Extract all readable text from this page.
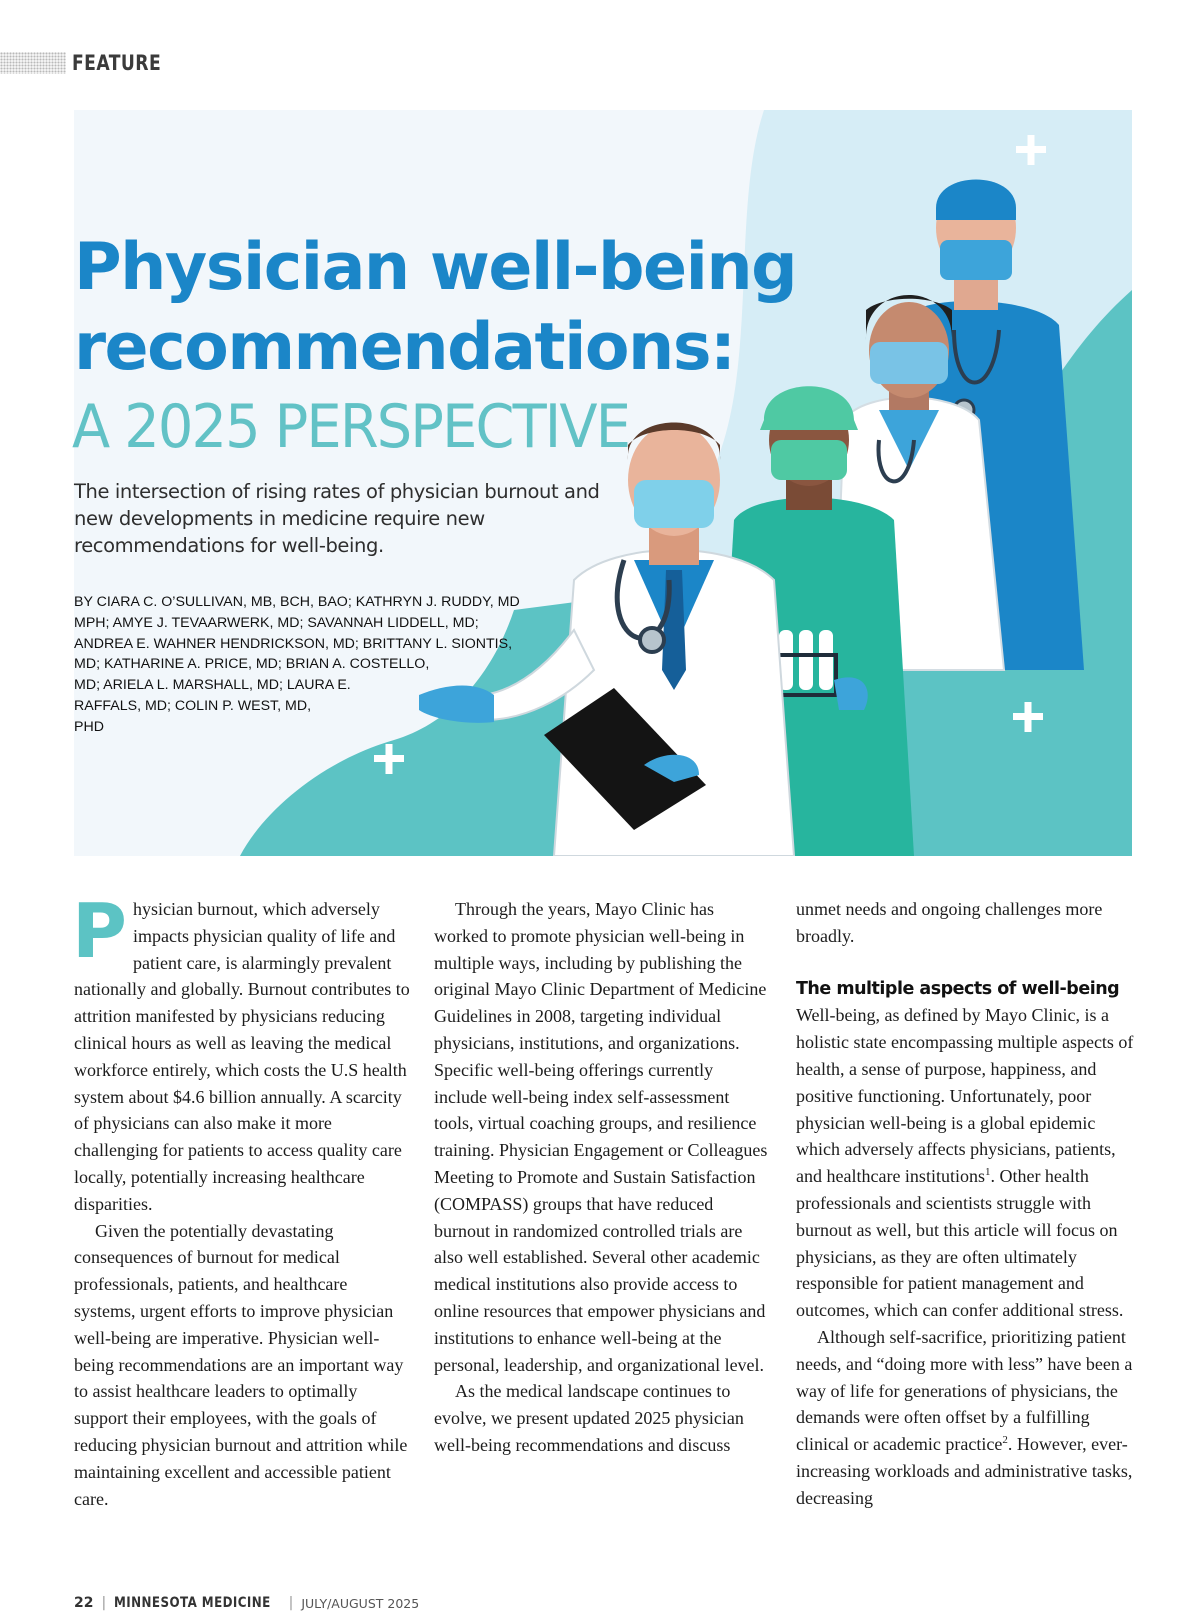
FEATURE
Physician well-being
recommendations:
A 2025 PERSPECTIVE

The intersection of rising rates of physician burnout and new developments in medicine require new recommendations for well-being.

BY CIARA C. O’SULLIVAN, MB, BCH, BAO; KATHRYN J. RUDDY, MD
MPH; AMYE J. TEVAARWERK, MD; SAVANNAH LIDDELL, MD;
ANDREA E. WAHNER HENDRICKSON, MD; BRITTANY L. SIONTIS,
MD; KATHARINE A. PRICE, MD; BRIAN A. COSTELLO,
MD; ARIELA L. MARSHALL, MD; LAURA E.
RAFFALS, MD; COLIN P. WEST, MD,
PHD

Physician burnout, which adversely impacts physician quality of life and patient care, is alarmingly prevalent nationally and globally. Burnout contributes to attrition manifested by physicians reducing clinical hours as well as leaving the medical workforce entirely, which costs the U.S health system about $4.6 billion annually. A scarcity of physicians can also make it more challenging for patients to access quality care locally, potentially increasing healthcare disparities.

Given the potentially devastating consequences of burnout for medical professionals, patients, and healthcare systems, urgent efforts to improve physician well-being are imperative. Physician well-being recommendations are an important way to assist healthcare leaders to optimally support their employees, with the goals of reducing physician burnout and attrition while maintaining excellent and accessible patient care.

Through the years, Mayo Clinic has worked to promote physician well-being in multiple ways, including by publishing the original Mayo Clinic Department of Medicine Guidelines in 2008, targeting individual physicians, institutions, and organizations. Specific well-being offerings currently include well-being index self-assessment tools, virtual coaching groups, and resilience training. Physician Engagement or Colleagues Meeting to Promote and Sustain Satisfaction (COMPASS) groups that have reduced burnout in randomized controlled trials are also well established. Several other academic medical institutions also provide access to online resources that empower physicians and institutions to enhance well-being at the personal, leadership, and organizational level.

As the medical landscape continues to evolve, we present updated 2025 physician well-being recommendations and discuss

unmet needs and ongoing challenges more broadly.

The multiple aspects of well-being

Well-being, as defined by Mayo Clinic, is a holistic state encompassing multiple aspects of health, a sense of purpose, happiness, and positive functioning. Unfortunately, poor physician well-being is a global epidemic which adversely affects physicians, patients, and healthcare institutions$^1$. Other health professionals and scientists struggle with burnout as well, but this article will focus on physicians, as they are often ultimately responsible for patient management and outcomes, which can confer additional stress.

Although self-sacrifice, prioritizing patient needs, and “doing more with less” have been a way of life for generations of physicians, the demands were often offset by a fulfilling clinical or academic practice$^2$. However, ever-increasing workloads and administrative tasks, decreasing

22 | MINNESOTA MEDICINE | JULY/AUGUST 2025
